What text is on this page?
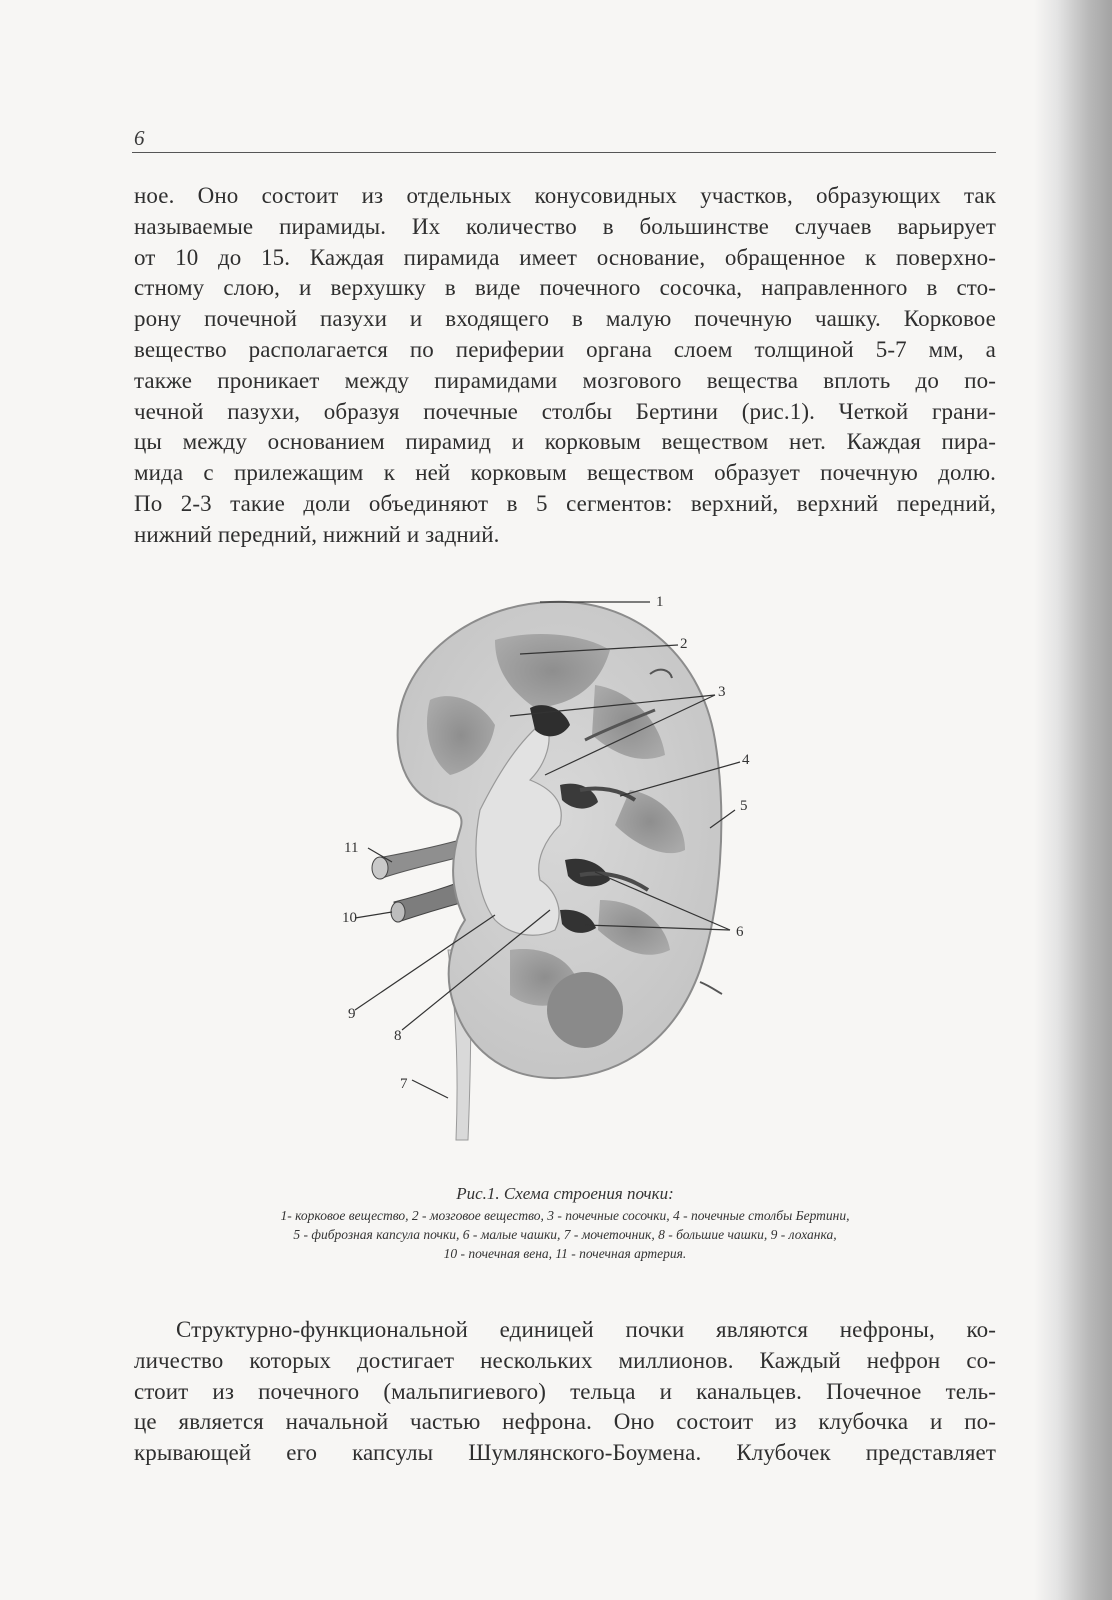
6
ное. Оно состоит из отдельных конусовидных участков, образующих так
называемые пирамиды. Их количество в большинстве случаев варьирует
от 10 до 15. Каждая пирамида имеет основание, обращенное к поверхно-
стному слою, и верхушку в виде почечного сосочка, направленного в сто-
рону почечной пазухи и входящего в малую почечную чашку. Корковое
вещество располагается по периферии органа слоем толщиной 5-7 мм, а
также проникает между пирамидами мозгового вещества вплоть до по-
чечной пазухи, образуя почечные столбы Бертини (рис.1). Четкой грани-
цы между основанием пирамид и корковым веществом нет. Каждая пира-
мида с прилежащим к ней корковым веществом образует почечную долю.
По 2-3 такие доли объединяют в 5 сегментов: верхний, верхний передний,
нижний передний, нижний и задний.
1
2
3
4
5
6
7
8
9
10
11
Рис.1. Схема строения почки:
1- корковое вещество, 2 - мозговое вещество, 3 - почечные сосочки, 4 - почечные столбы Бертини,
5 - фиброзная капсула почки, 6 - малые чашки, 7 - мочеточник, 8 - большие чашки, 9 - лоханка,
10 - почечная вена, 11 - почечная артерия.
Структурно-функциональной единицей почки являются нефроны, ко-
личество которых достигает нескольких миллионов. Каждый нефрон со-
стоит из почечного (мальпигиевого) тельца и канальцев. Почечное тель-
це является начальной частью нефрона. Оно состоит из клубочка и по-
крывающей его капсулы Шумлянского-Боумена. Клубочек представляет
